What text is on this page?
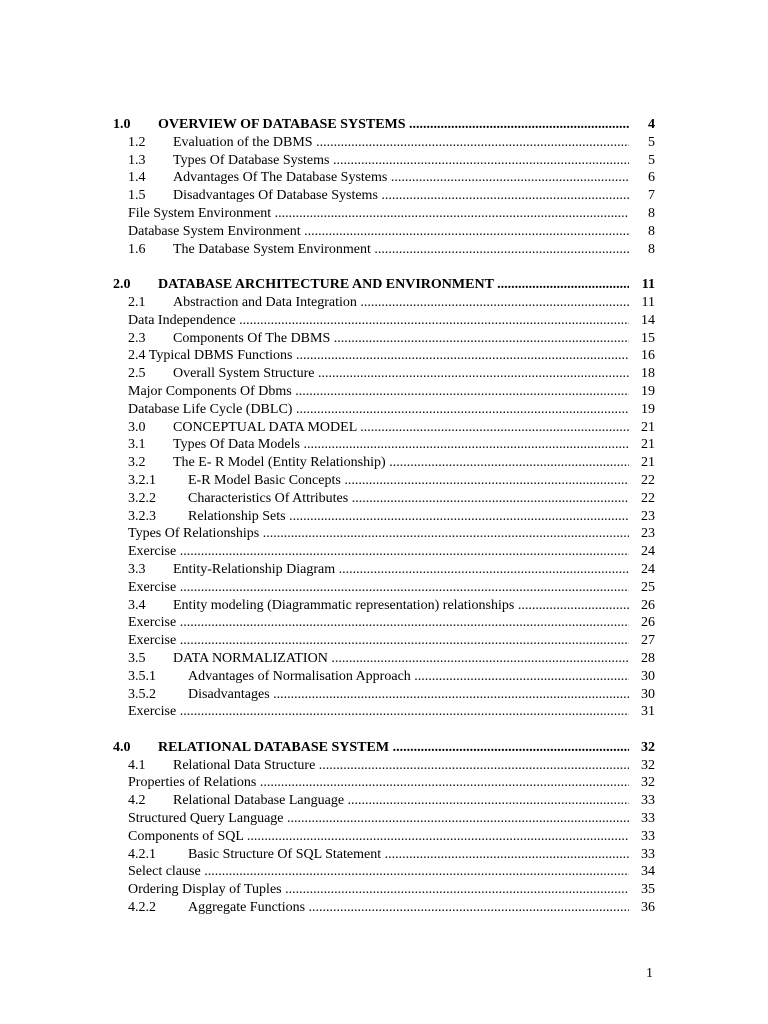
1.0 OVERVIEW OF DATABASE SYSTEMS .....	4
1.2 Evaluation of the DBMS .....	5
1.3 Types Of Database Systems .....	5
1.4 Advantages Of The Database Systems .....	6
1.5 Disadvantages Of Database Systems .....	7
File System Environment .....	8
Database System Environment .....	8
1.6 The Database System Environment .....	8
2.0 DATABASE ARCHITECTURE AND ENVIRONMENT .....	11
2.1 Abstraction and Data Integration .....	11
Data Independence .....	14
2.3 Components Of The DBMS .....	15
2.4 Typical DBMS Functions .....	16
2.5 Overall System Structure .....	18
Major Components Of Dbms .....	19
Database Life Cycle (DBLC) .....	19
3.0 CONCEPTUAL DATA MODEL .....	21
3.1 Types Of Data Models .....	21
3.2 The E- R Model (Entity Relationship) .....	21
3.2.1 E-R Model Basic Concepts .....	22
3.2.2 Characteristics Of Attributes .....	22
3.2.3 Relationship Sets .....	23
Types Of Relationships .....	23
Exercise .....	24
3.3 Entity-Relationship Diagram .....	24
Exercise .....	25
3.4 Entity modeling (Diagrammatic representation) relationships .....	26
Exercise .....	26
Exercise .....	27
3.5 DATA NORMALIZATION .....	28
3.5.1 Advantages of Normalisation Approach .....	30
3.5.2 Disadvantages .....	30
Exercise .....	31
4.0 RELATIONAL DATABASE SYSTEM .....	32
4.1 Relational Data Structure .....	32
Properties of Relations .....	32
4.2 Relational Database Language .....	33
Structured Query Language .....	33
Components of SQL .....	33
4.2.1 Basic Structure Of SQL Statement .....	33
Select clause .....	34
Ordering Display of Tuples .....	35
4.2.2 Aggregate Functions .....	36
1
